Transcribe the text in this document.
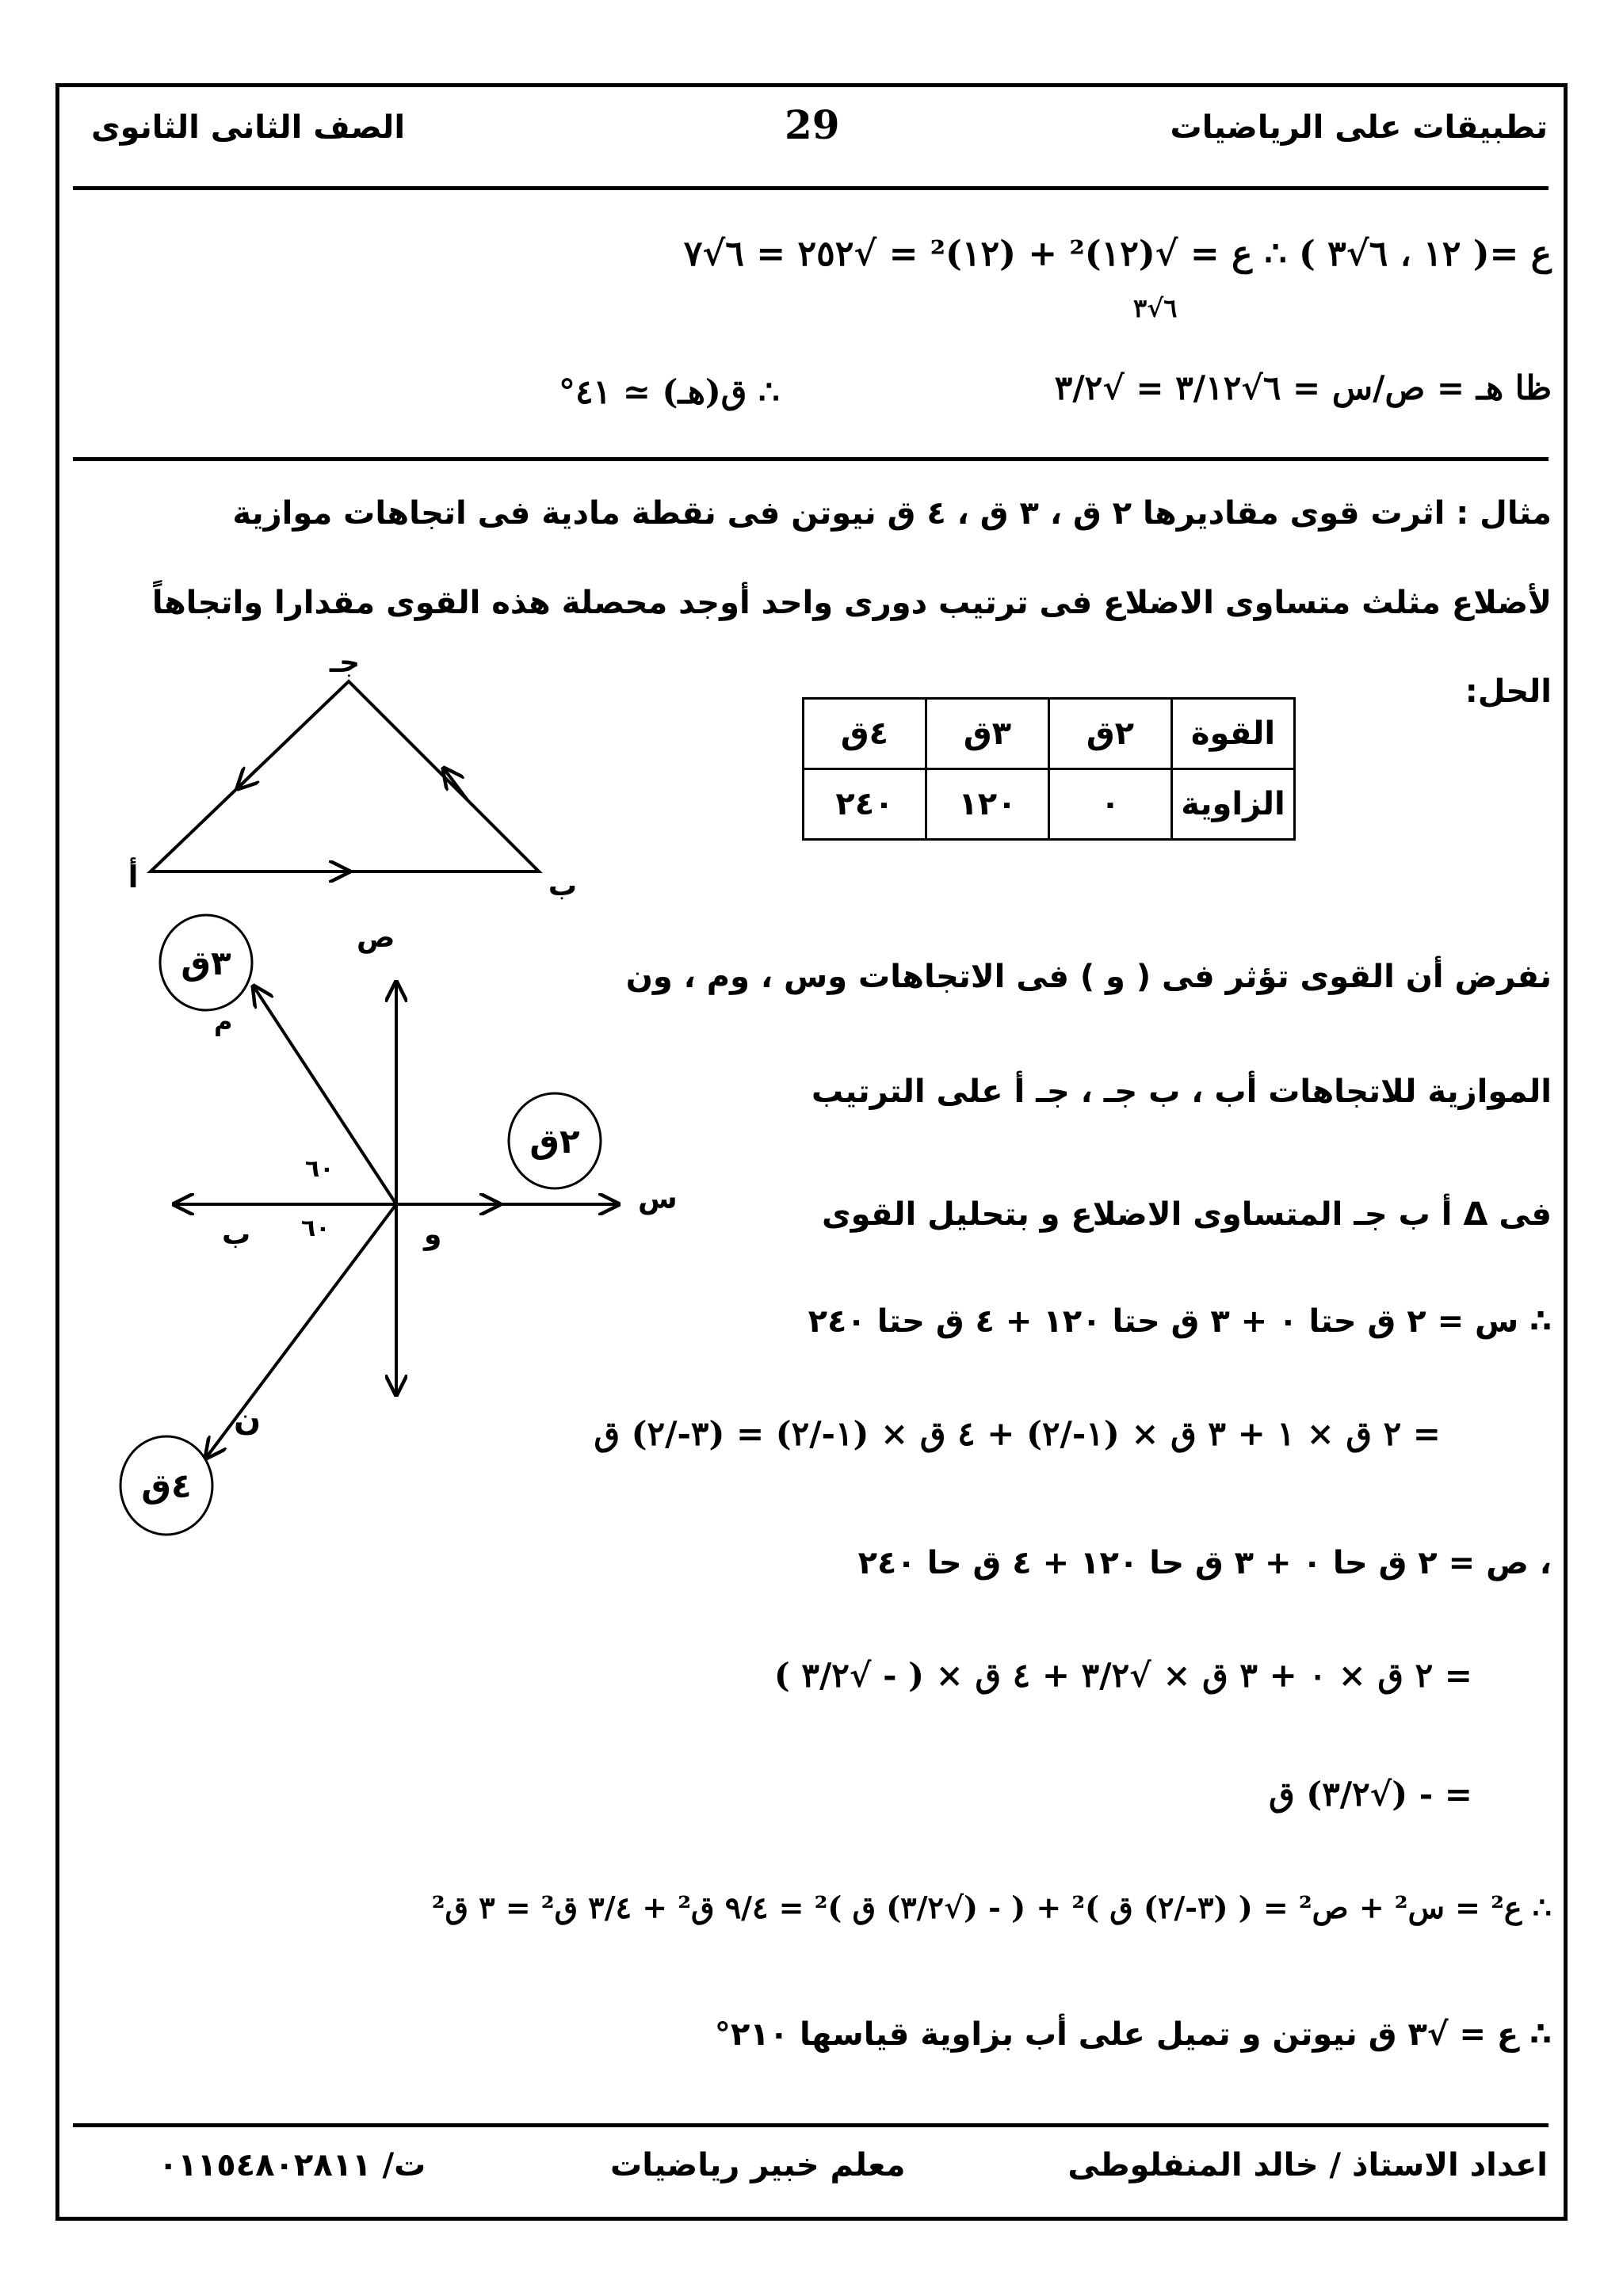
تطبيقات على الرياضيات
29
الصف الثانى الثانوى
ع =( ١٢ ، ٦√٣ ) ∴ ع = √(١٢)² + (١٢)² = √٢٥٢ = ٦√٧
٦√٣
ظا هـ = ص/س = ٦√٣/١٢ = √٣/٢
∴ ق(هـ) ≃ ٤١°
مثال : اثرت قوى مقاديرها ٢ ق ، ٣ ق ، ٤ ق نيوتن فى نقطة مادية فى اتجاهات موازية
لأضلاع مثلث متساوى الاضلاع فى ترتيب دورى واحد أوجد محصلة هذه القوى مقدارا واتجاهاً
الحل:
القوة	٢ق	٣ق	٤ق
الزاوية	٠	١٢٠	٢٤٠
جـ
أ	ب
ص
س
و
ب
م
ن
٦٠
٦٠
٣ق
٢ق
٤ق
نفرض أن القوى تؤثر فى ( و ) فى الاتجاهات وس ، وم ، ون
الموازية للاتجاهات أب ، ب جـ ، جـ أ على الترتيب
فى Δ أ ب جـ المتساوى الاضلاع و بتحليل القوى
∴ س = ٢ ق حتا ٠ + ٣ ق حتا ١٢٠ + ٤ ق حتا ٢٤٠
= ٢ ق × ١ + ٣ ق × (١-/٢) + ٤ ق × (١-/٢) = (٣-/٢) ق
، ص = ٢ ق حا ٠ + ٣ ق حا ١٢٠ + ٤ ق حا ٢٤٠
= ٢ ق × ٠ + ٣ ق × √٣/٢ + ٤ ق × ( - √٣/٢ )
= - (√٣/٢) ق
∴ ع² = س² + ص² = ( (٣-/٢) ق )² + ( - (√٣/٢) ق )² = ٩/٤ ق² + ٣/٤ ق² = ٣ ق²
∴ ع = √٣ ق نيوتن و تميل على أب بزاوية قياسها ٢١٠°
اعداد الاستاذ / خالد المنفلوطى
معلم خبير رياضيات
ت/ ٠١١٥٤٨٠٢٨١١
